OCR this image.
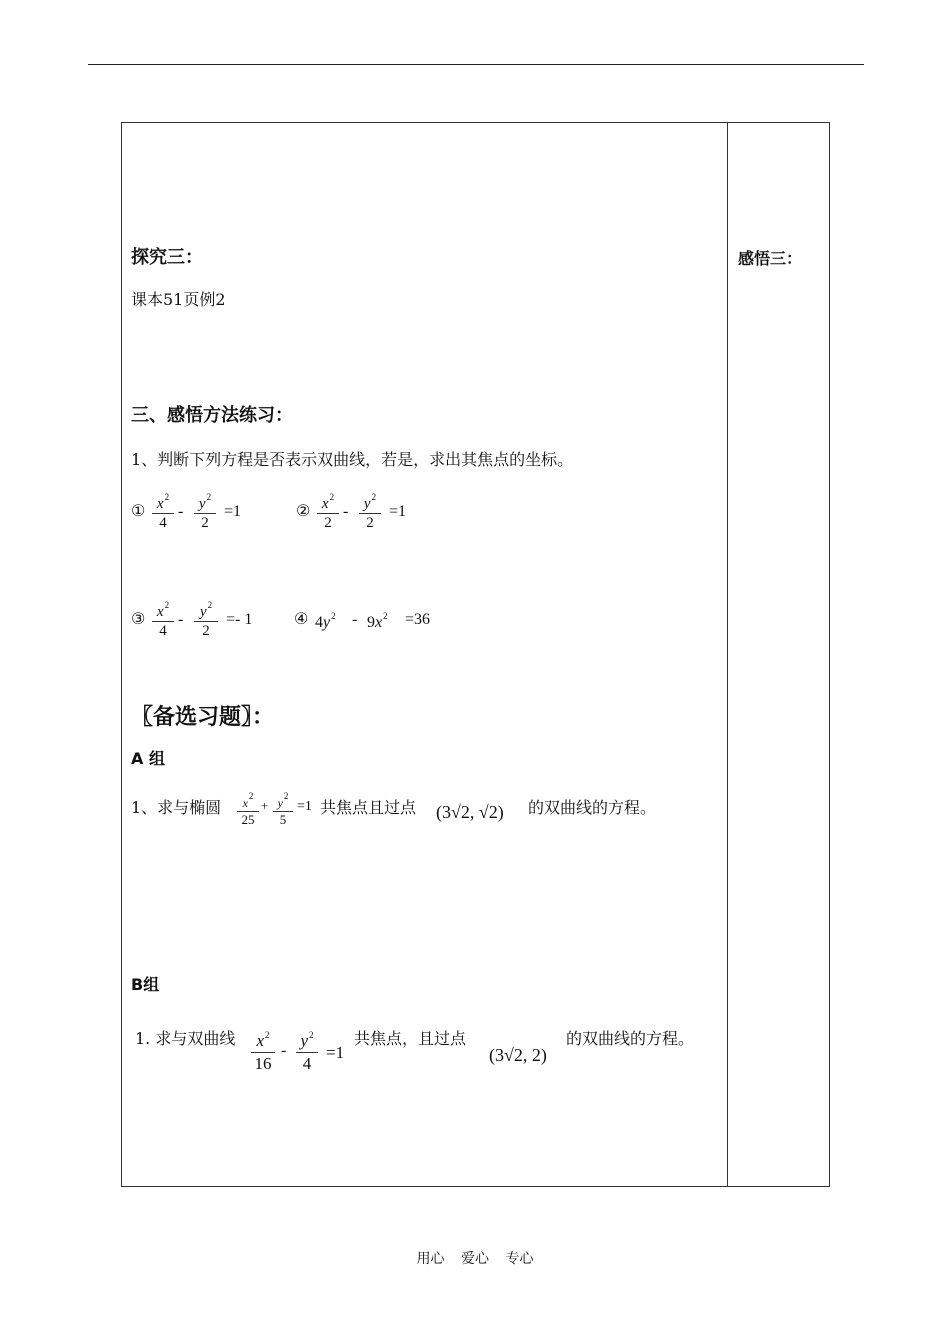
探究三：
课本51页例2
三、感悟方法练习：
1、判断下列方程是否表示双曲线，若是，求出其焦点的坐标。
① $x^2$
4
-	$y^2$
2
=1	② $x^2$
2
-	$y^2$
2
=1
③ $x^2$
4
-	$y^2$
2
=- 1	④ $4y^2 - 9x^2 =36$
〖备选习题〗：
A 组
1、求与椭圆	$x^2$
25
+ $y^2$
5
=1 共焦点且过点 (3√2, √2) 的双曲线的方程。
B组
1. 求与双曲线	$x^2$
16
-
$y^2$
4
=1
共焦点，且过点
(3√2, 2)
的双曲线的方程。
感悟三：
用心 爱心 专心
